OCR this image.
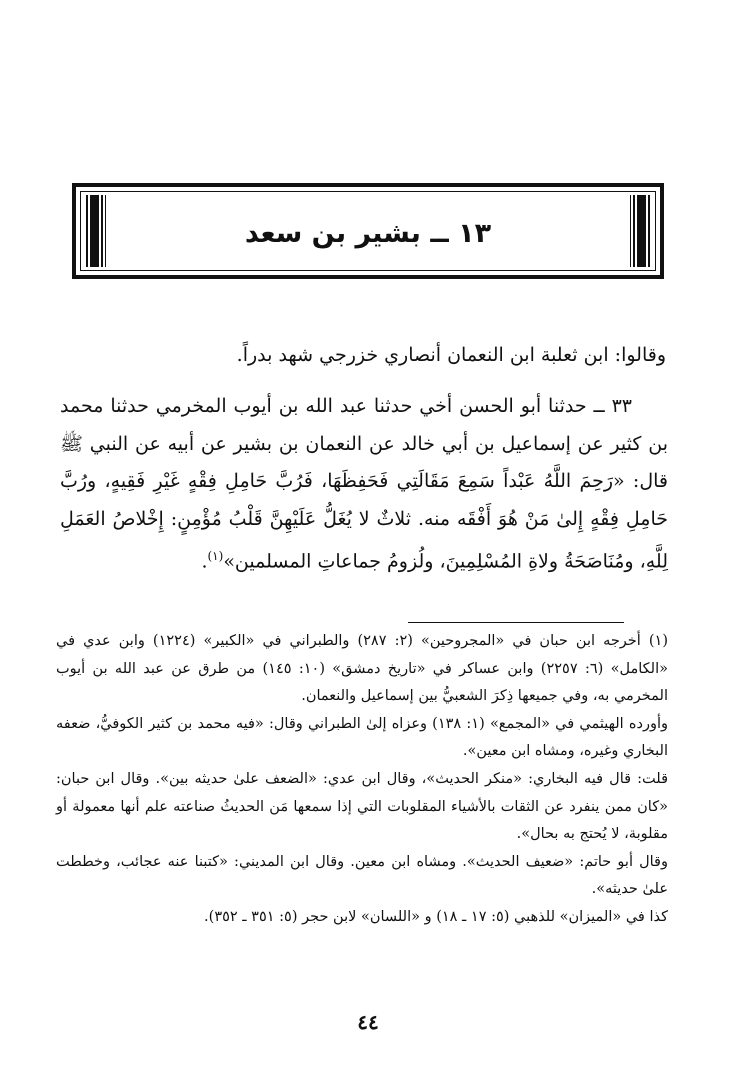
١٣ ــ بشير بن سعد
وقالوا: ابن ثعلبة ابن النعمان أنصاري خزرجي شهد بدراً.

٣٣ ــ حدثنا أبو الحسن أخي حدثنا عبد الله بن أيوب المخرمي حدثنا محمد بن كثير عن إسماعيل بن أبي خالد عن النعمان بن بشير عن أبيه عن النبي ﷺ قال: «رَحِمَ اللَّهُ عَبْداً سَمِعَ مَقَالَتِي فَحَفِظَهَا، فَرُبَّ حَامِلِ فِقْهٍ غَيْرِ فَقِيهٍ، ورُبَّ حَامِلِ فِقْهٍ إِلىٰ مَنْ هُوَ أَفْقَه منه. ثلاثٌ لا يُغَلُّ عَلَيْهِنَّ قَلْبُ مُؤْمِنٍ: إِخْلاصُ العَمَلِ لِلَّهِ، ومُنَاصَحَةُ ولاةِ المُسْلِمِينَ، ولُزومُ جماعاتِ المسلمين»$^{(١)}$.

(١) أخرجه ابن حبان في «المجروحين» (٢: ٢٨٧) والطبراني في «الكبير» (١٢٢٤) وابن عدي في «الكامل» (٦: ٢٢٥٧) وابن عساكر في «تاريخ دمشق» (١٠: ١٤٥) من طرق عن عبد الله بن أيوب المخرمي به، وفي جميعها ذِكرَ الشعبيُّ بين إسماعيل والنعمان.

وأورده الهيثمي في «المجمع» (١: ١٣٨) وعزاه إلىٰ الطبراني وقال: «فيه محمد بن كثير الكوفيُّ، ضعفه البخاري وغيره، ومشاه ابن معين».

قلت: قال فيه البخاري: «منكر الحديث»، وقال ابن عدي: «الضعف علىٰ حديثه بين». وقال ابن حبان: «كان ممن ينفرد عن الثقات بالأشياء المقلوبات التي إذا سمعها مَن الحديثُ صناعته علم أنها معمولة أو مقلوبة، لا يُحتج به بحال».

وقال أبو حاتم: «ضعيف الحديث». ومشاه ابن معين. وقال ابن المديني: «كتبنا عنه عجائب، وخططت علىٰ حديثه».

كذا في «الميزان» للذهبي (٥: ١٧ ـ ١٨) و «اللسان» لابن حجر (٥: ٣٥١ ـ ٣٥٢).

٤٤
